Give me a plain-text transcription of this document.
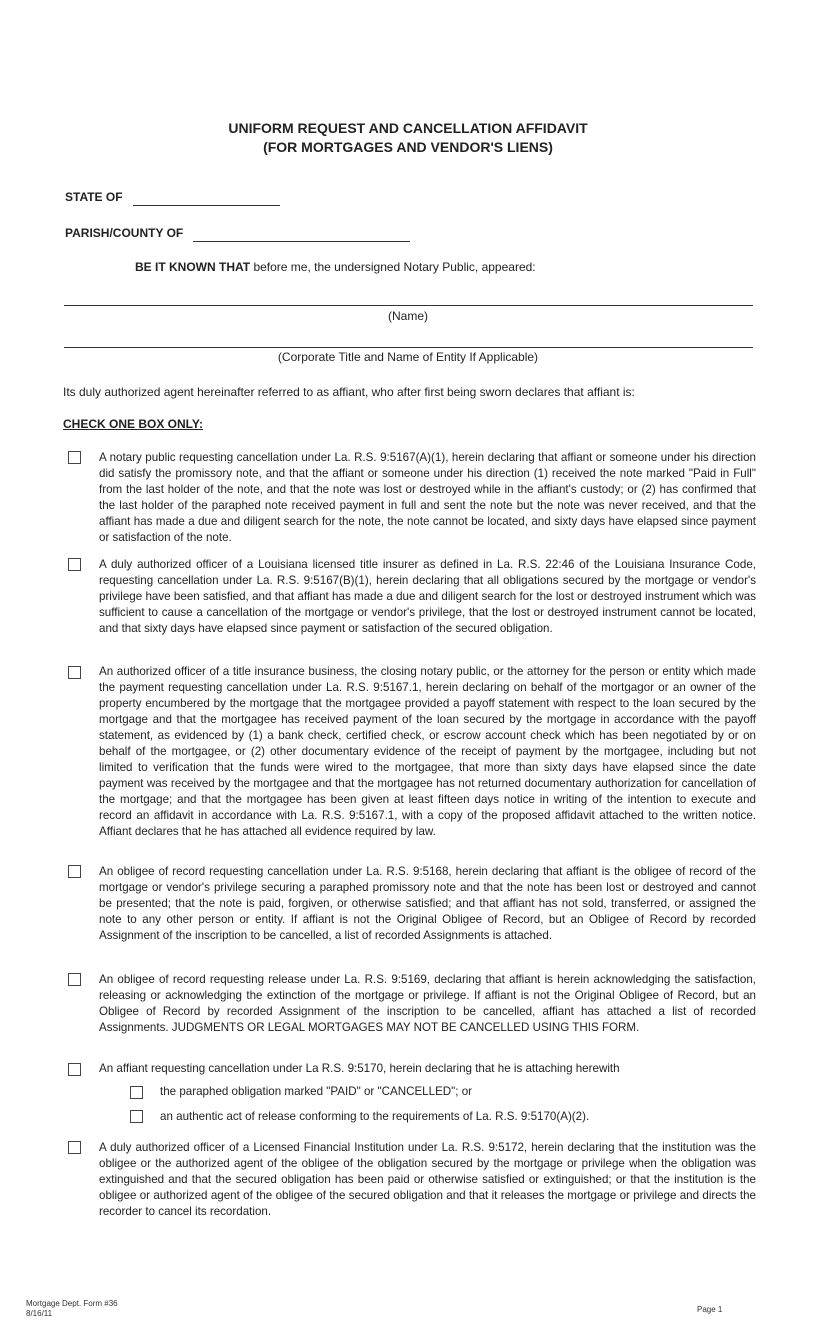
UNIFORM REQUEST AND CANCELLATION AFFIDAVIT
(FOR MORTGAGES AND VENDOR'S LIENS)
STATE OF
PARISH/COUNTY OF
BE IT KNOWN THAT before me, the undersigned Notary Public, appeared:
(Name)
(Corporate Title and Name of Entity If Applicable)
Its duly authorized agent hereinafter referred to as affiant, who after first being sworn declares that affiant is:
CHECK ONE BOX ONLY:
A notary public requesting cancellation under La. R.S. 9:5167(A)(1), herein declaring that affiant or someone under his direction did satisfy the promissory note, and that the affiant or someone under his direction (1) received the note marked "Paid in Full" from the last holder of the note, and that the note was lost or destroyed while in the affiant's custody; or (2) has confirmed that the last holder of the paraphed note received payment in full and sent the note but the note was never received, and that the affiant has made a due and diligent search for the note, the note cannot be located, and sixty days have elapsed since payment or satisfaction of the note.
A duly authorized officer of a Louisiana licensed title insurer as defined in La. R.S. 22:46 of the Louisiana Insurance Code, requesting cancellation under La. R.S. 9:5167(B)(1), herein declaring that all obligations secured by the mortgage or vendor's privilege have been satisfied, and that affiant has made a due and diligent search for the lost or destroyed instrument which was sufficient to cause a cancellation of the mortgage or vendor's privilege, that the lost or destroyed instrument cannot be located, and that sixty days have elapsed since payment or satisfaction of the secured obligation.
An authorized officer of a title insurance business, the closing notary public, or the attorney for the person or entity which made the payment requesting cancellation under La. R.S. 9:5167.1, herein declaring on behalf of the mortgagor or an owner of the property encumbered by the mortgage that the mortgagee provided a payoff statement with respect to the loan secured by the mortgage and that the mortgagee has received payment of the loan secured by the mortgage in accordance with the payoff statement, as evidenced by (1) a bank check, certified check, or escrow account check which has been negotiated by or on behalf of the mortgagee, or (2) other documentary evidence of the receipt of payment by the mortgagee, including but not limited to verification that the funds were wired to the mortgagee, that more than sixty days have elapsed since the date payment was received by the mortgagee and that the mortgagee has not returned documentary authorization for cancellation of the mortgage; and that the mortgagee has been given at least fifteen days notice in writing of the intention to execute and record an affidavit in accordance with La. R.S. 9:5167.1, with a copy of the proposed affidavit attached to the written notice. Affiant declares that he has attached all evidence required by law.
An obligee of record requesting cancellation under La. R.S. 9:5168, herein declaring that affiant is the obligee of record of the mortgage or vendor's privilege securing a paraphed promissory note and that the note has been lost or destroyed and cannot be presented; that the note is paid, forgiven, or otherwise satisfied; and that affiant has not sold, transferred, or assigned the note to any other person or entity. If affiant is not the Original Obligee of Record, but an Obligee of Record by recorded Assignment of the inscription to be cancelled, a list of recorded Assignments is attached.
An obligee of record requesting release under La. R.S. 9:5169, declaring that affiant is herein acknowledging the satisfaction, releasing or acknowledging the extinction of the mortgage or privilege. If affiant is not the Original Obligee of Record, but an Obligee of Record by recorded Assignment of the inscription to be cancelled, affiant has attached a list of recorded Assignments. JUDGMENTS OR LEGAL MORTGAGES MAY NOT BE CANCELLED USING THIS FORM.
An affiant requesting cancellation under La R.S. 9:5170, herein declaring that he is attaching herewith
the paraphed obligation marked "PAID" or "CANCELLED"; or
an authentic act of release conforming to the requirements of La. R.S. 9:5170(A)(2).
A duly authorized officer of a Licensed Financial Institution under La. R.S. 9:5172, herein declaring that the institution was the obligee or the authorized agent of the obligee of the obligation secured by the mortgage or privilege when the obligation was extinguished and that the secured obligation has been paid or otherwise satisfied or extinguished; or that the institution is the obligee or authorized agent of the obligee of the secured obligation and that it releases the mortgage or privilege and directs the recorder to cancel its recordation.
Mortgage Dept. Form #36
8/16/11	Page 1
